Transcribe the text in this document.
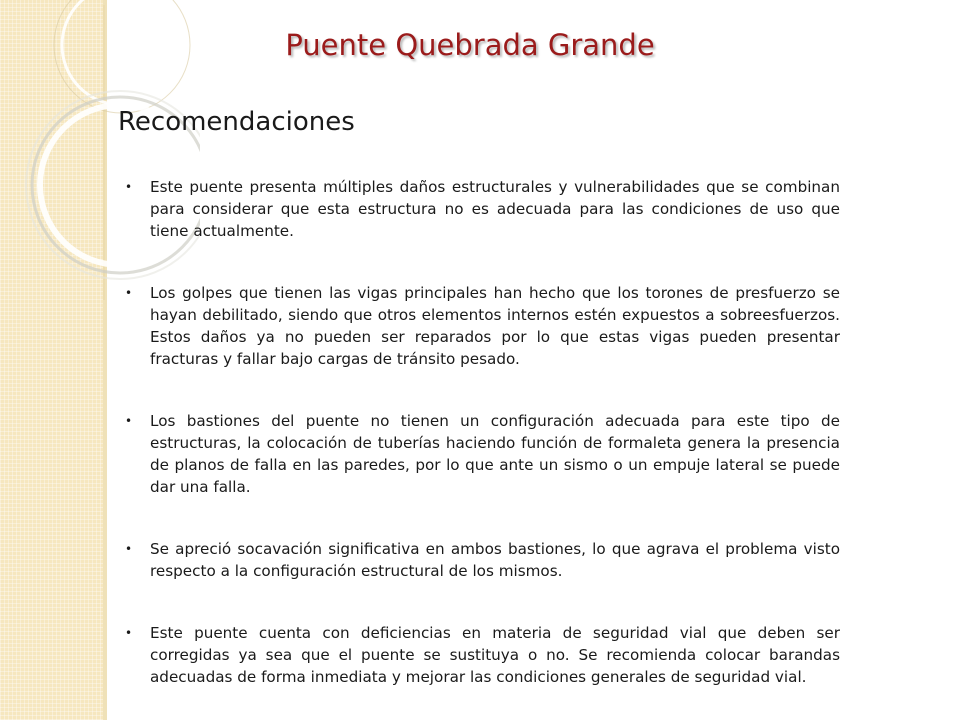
Puente Quebrada Grande
Recomendaciones
• Este puente presenta múltiples daños estructurales y vulnerabilidades que se combinan para considerar que esta estructura no es adecuada para las condiciones de uso que tiene actualmente.
• Los golpes que tienen las vigas principales han hecho que los torones de presfuerzo se hayan debilitado, siendo que otros elementos internos estén expuestos a sobreesfuerzos. Estos daños ya no pueden ser reparados por lo que estas vigas pueden presentar fracturas y fallar bajo cargas de tránsito pesado.
• Los bastiones del puente no tienen un configuración adecuada para este tipo de estructuras, la colocación de tuberías haciendo función de formaleta genera la presencia de planos de falla en las paredes, por lo que ante un sismo o un empuje lateral se puede dar una falla.
• Se apreció socavación significativa en ambos bastiones, lo que agrava el problema visto respecto a la configuración estructural de los mismos.
• Este puente cuenta con deficiencias en materia de seguridad vial que deben ser corregidas ya sea que el puente se sustituya o no. Se recomienda colocar barandas adecuadas de forma inmediata y mejorar las condiciones generales de seguridad vial.
